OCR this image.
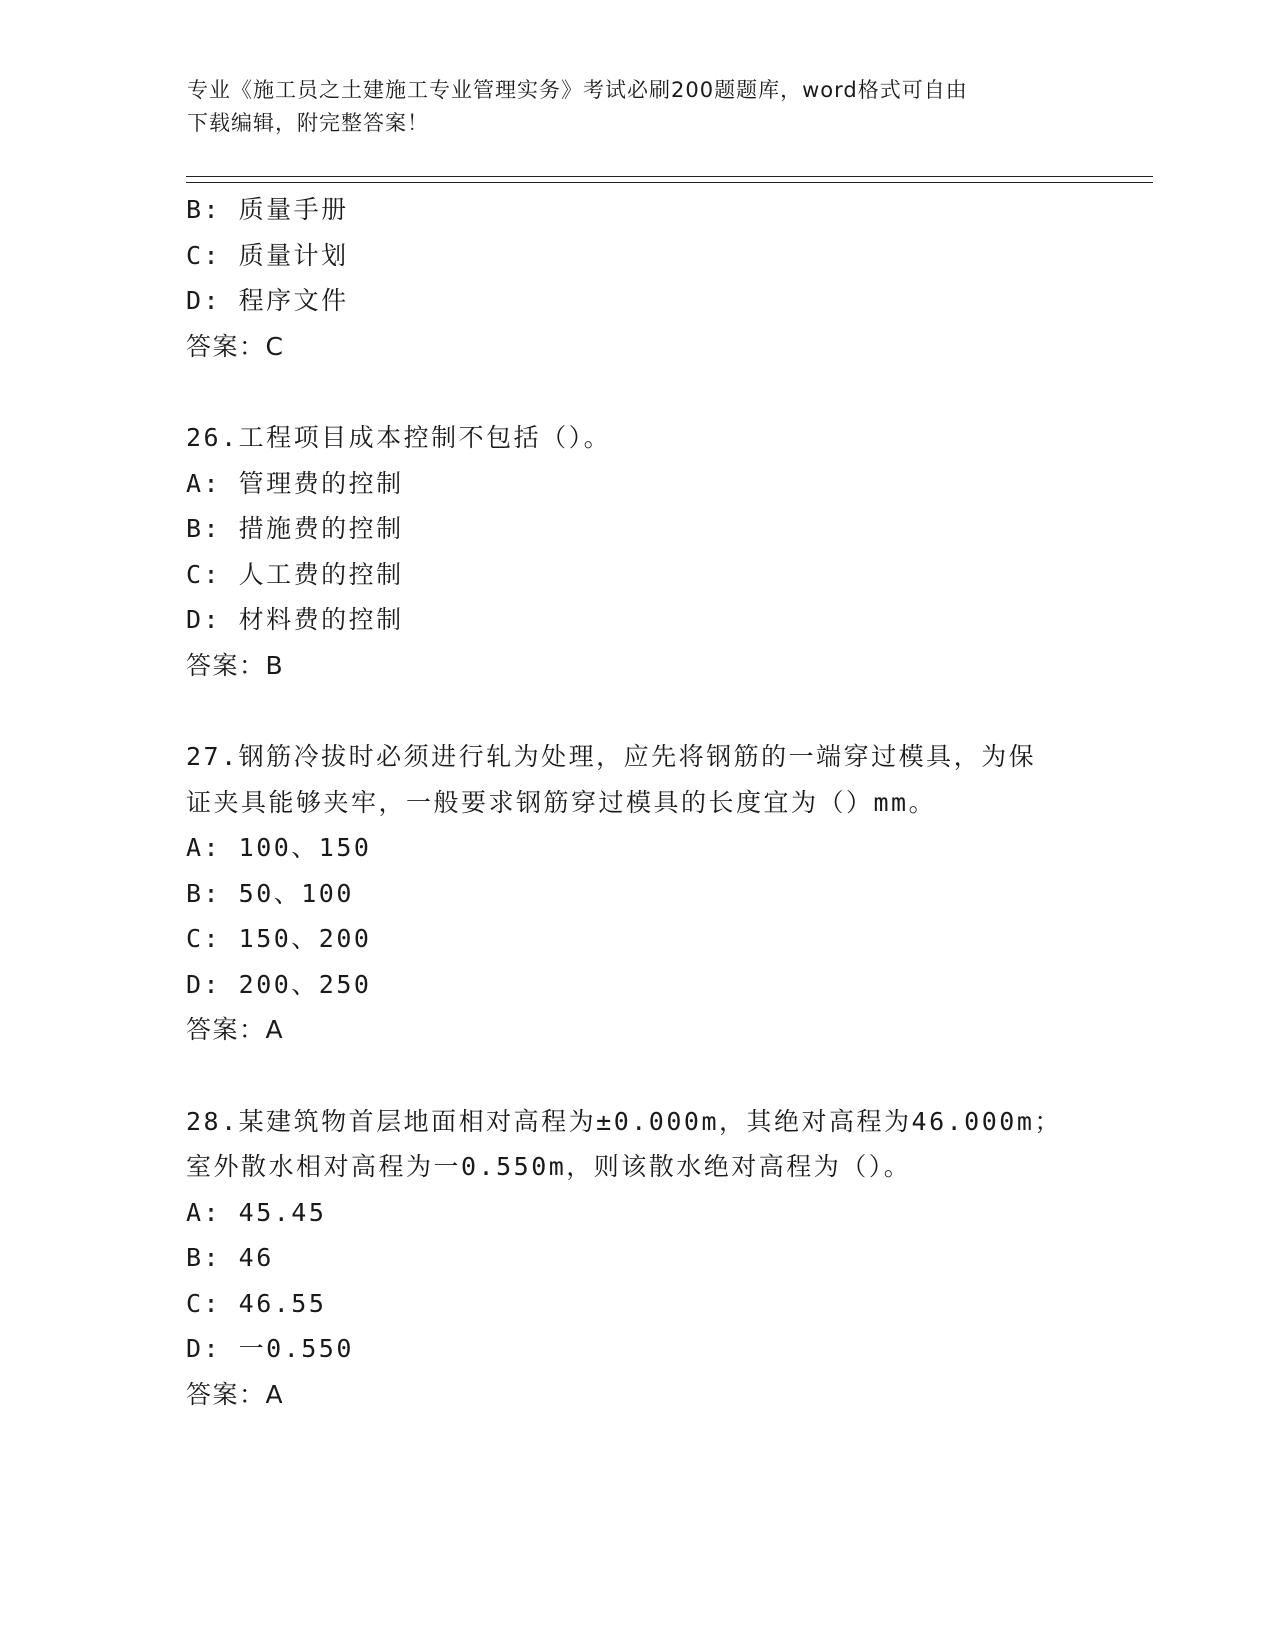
专业《施工员之土建施工专业管理实务》考试必刷200题题库，word格式可自由
下载编辑，附完整答案！
B: 质量手册
C: 质量计划
D: 程序文件
答案：C
26.工程项目成本控制不包括（）。
A: 管理费的控制
B: 措施费的控制
C: 人工费的控制
D: 材料费的控制
答案：B
27.钢筋冷拔时必须进行轧为处理，应先将钢筋的一端穿过模具，为保
证夹具能够夹牢，一般要求钢筋穿过模具的长度宜为（）mm。
A: 100、150
B: 50、100
C: 150、200
D: 200、250
答案：A
28.某建筑物首层地面相对高程为±0.000m，其绝对高程为46.000m；
室外散水相对高程为一0.550m，则该散水绝对高程为（）。
A: 45.45
B: 46
C: 46.55
D: 一0.550
答案：A
